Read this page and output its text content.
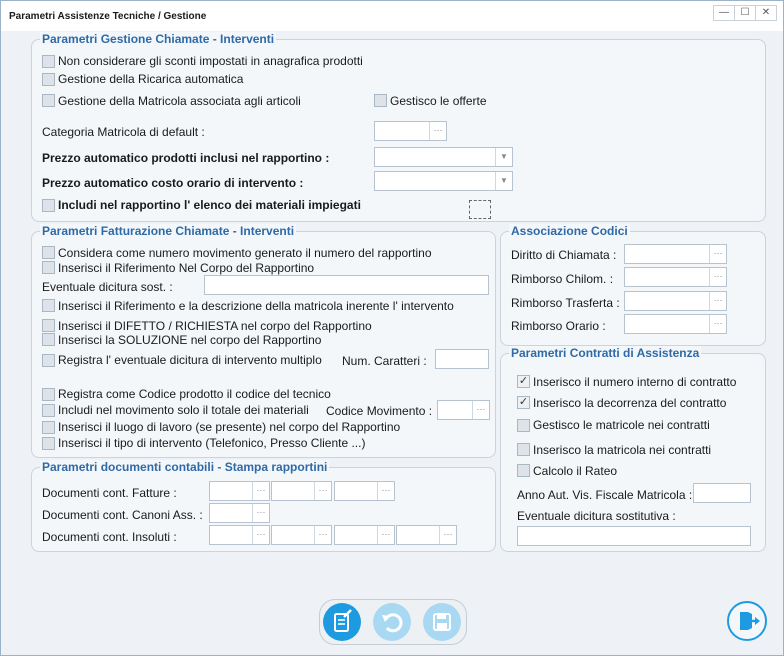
Parametri Assistenze Tecniche / Gestione	—	☐	✕
Parametri Gestione Chiamate - Interventi
Non considerare gli sconti impostati in anagrafica prodotti
Gestione della Ricarica automatica
Gestione della Matricola associata agli articoli	Gestisco le offerte
Categoria Matricola di default :	···
Prezzo automatico prodotti inclusi nel rapportino :	▼
Prezzo automatico costo orario di intervento :	▼
Includi nel rapportino l' elenco dei materiali impiegati
Parametri Fatturazione Chiamate - Interventi
Considera come numero movimento generato il numero del rapportino
Inserisci il Riferimento Nel Corpo del Rapportino
Eventuale dicitura sost. :
Inserisci il Riferimento e la descrizione della matricola inerente l' intervento
Inserisci il DIFETTO / RICHIESTA nel corpo del Rapportino
Inserisci la SOLUZIONE nel corpo del Rapportino
Registra l' eventuale dicitura di intervento multiplo Num. Caratteri :
Registra come Codice prodotto il codice del tecnico
Includi nel movimento solo il totale dei materiali Codice Movimento :	···
Inserisci il luogo di lavoro (se presente) nel corpo del Rapportino
Inserisci il tipo di intervento (Telefonico, Presso Cliente ...)
Associazione Codici
Diritto di Chiamata :	···
Rimborso Chilom. :	···
Rimborso Trasferta :	···
Rimborso Orario :	···
Parametri Contratti di Assistenza
✓ Inserisco il numero interno di contratto
✓ Inserisco la decorrenza del contratto
Gestisco le matricole nei contratti
Inserisco la matricola nei contratti
Calcolo il Rateo
Anno Aut. Vis. Fiscale Matricola :
Eventuale dicitura sostitutiva :
Parametri documenti contabili - Stampa rapportini
Documenti cont. Fatture :	···	···	···
Documenti cont. Canoni Ass. :	···
Documenti cont. Insoluti :	···	···	···	···
